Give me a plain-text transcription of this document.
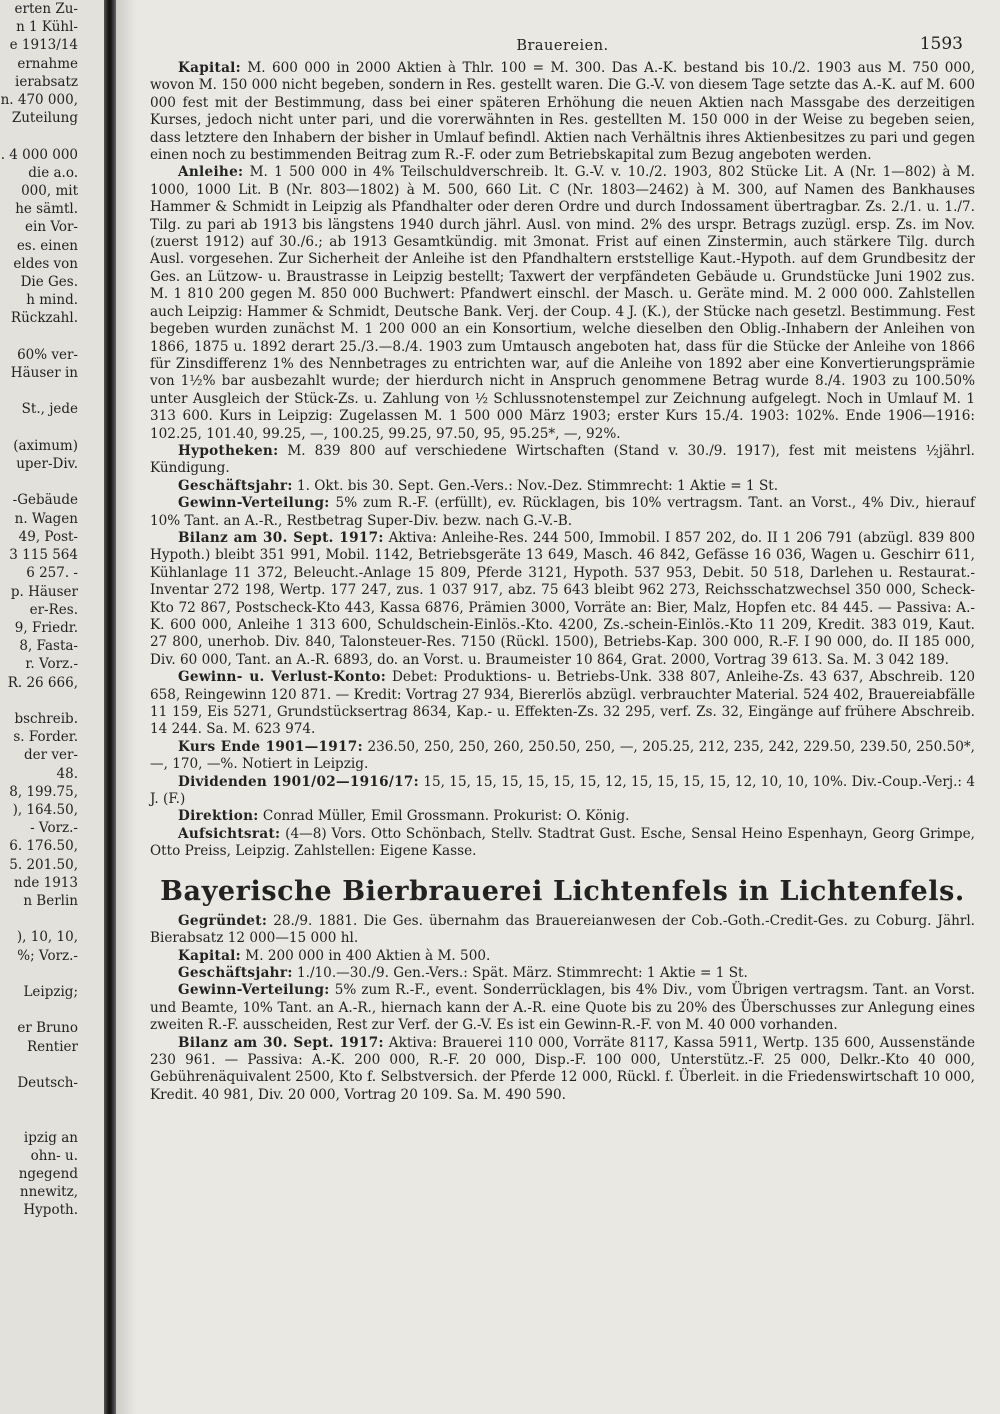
erten Zu-
n 1 Kühl-
e 1913/14
ernahme
ierabsatz
n. 470 000,
Zuteilung

. 4 000 000
die a.o.
000, mit
he sämtl.
ein Vor-
es. einen
eldes von
Die Ges.
h mind.
Rückzahl.

60% ver-
Häuser in

St., jede

(aximum)
uper-Div.

-Gebäude
n. Wagen
49, Post-
3 115 564
6 257. -
p. Häuser
er-Res.
9, Friedr.
8, Fasta-
r. Vorz.-
R. 26 666,

bschreib.
s. Forder.
der ver-
48.
8, 199.75,
), 164.50,
- Vorz.-
6. 176.50,
5. 201.50,
nde 1913
n Berlin

), 10, 10,
%; Vorz.-

Leipzig;

er Bruno
Rentier

Deutsch-

ipzig an
ohn- u.
ngegend
nnewitz,
Hypoth.
Brauereien.	1593

Kapital: M. 600 000 in 2000 Aktien à Thlr. 100 = M. 300. Das A.-K. bestand bis 10./2. 1903 aus M. 750 000, wovon M. 150 000 nicht begeben, sondern in Res. gestellt waren. Die G.-V. von diesem Tage setzte das A.-K. auf M. 600 000 fest mit der Bestimmung, dass bei einer späteren Erhöhung die neuen Aktien nach Massgabe des derzeitigen Kurses, jedoch nicht unter pari, und die vorerwähnten in Res. gestellten M. 150 000 in der Weise zu begeben seien, dass letztere den Inhabern der bisher in Umlauf befindl. Aktien nach Verhältnis ihres Aktienbesitzes zu pari und gegen einen noch zu bestimmenden Beitrag zum R.-F. oder zum Betriebskapital zum Bezug angeboten werden.

Anleihe: M. 1 500 000 in 4% Teilschuldverschreib. lt. G.-V. v. 10./2. 1903, 802 Stücke Lit. A (Nr. 1—802) à M. 1000, 1000 Lit. B (Nr. 803—1802) à M. 500, 660 Lit. C (Nr. 1803—2462) à M. 300, auf Namen des Bankhauses Hammer & Schmidt in Leipzig als Pfandhalter oder deren Ordre und durch Indossament übertragbar. Zs. 2./1. u. 1./7. Tilg. zu pari ab 1913 bis längstens 1940 durch jährl. Ausl. von mind. 2% des urspr. Betrags zuzügl. ersp. Zs. im Nov. (zuerst 1912) auf 30./6.; ab 1913 Gesamtkündig. mit 3monat. Frist auf einen Zinstermin, auch stärkere Tilg. durch Ausl. vorgesehen. Zur Sicherheit der Anleihe ist den Pfandhaltern erststellige Kaut.-Hypoth. auf dem Grundbesitz der Ges. an Lützow- u. Braustrasse in Leipzig bestellt; Taxwert der verpfändeten Gebäude u. Grundstücke Juni 1902 zus. M. 1 810 200 gegen M. 850 000 Buchwert: Pfandwert einschl. der Masch. u. Geräte mind. M. 2 000 000. Zahlstellen auch Leipzig: Hammer & Schmidt, Deutsche Bank. Verj. der Coup. 4 J. (K.), der Stücke nach gesetzl. Bestimmung. Fest begeben wurden zunächst M. 1 200 000 an ein Konsortium, welche dieselben den Oblig.-Inhabern der Anleihen von 1866, 1875 u. 1892 derart 25./3.—8./4. 1903 zum Umtausch angeboten hat, dass für die Stücke der Anleihe von 1866 für Zinsdifferenz 1% des Nennbetrages zu entrichten war, auf die Anleihe von 1892 aber eine Konvertierungsprämie von 1½% bar ausbezahlt wurde; der hierdurch nicht in Anspruch genommene Betrag wurde 8./4. 1903 zu 100.50% unter Ausgleich der Stück-Zs. u. Zahlung von ½ Schlussnotenstempel zur Zeichnung aufgelegt. Noch in Umlauf M. 1 313 600. Kurs in Leipzig: Zugelassen M. 1 500 000 März 1903; erster Kurs 15./4. 1903: 102%. Ende 1906—1916: 102.25, 101.40, 99.25, —, 100.25, 99.25, 97.50, 95, 95.25*, —, 92%.

Hypotheken: M. 839 800 auf verschiedene Wirtschaften (Stand v. 30./9. 1917), fest mit meistens ½jährl. Kündigung.

Geschäftsjahr: 1. Okt. bis 30. Sept. Gen.-Vers.: Nov.-Dez. Stimmrecht: 1 Aktie = 1 St.

Gewinn-Verteilung: 5% zum R.-F. (erfüllt), ev. Rücklagen, bis 10% vertragsm. Tant. an Vorst., 4% Div., hierauf 10% Tant. an A.-R., Restbetrag Super-Div. bezw. nach G.-V.-B.

Bilanz am 30. Sept. 1917: Aktiva: Anleihe-Res. 244 500, Immobil. I 857 202, do. II 1 206 791 (abzügl. 839 800 Hypoth.) bleibt 351 991, Mobil. 1142, Betriebsgeräte 13 649, Masch. 46 842, Gefässe 16 036, Wagen u. Geschirr 611, Kühlanlage 11 372, Beleucht.-Anlage 15 809, Pferde 3121, Hypoth. 537 953, Debit. 50 518, Darlehen u. Restaurat.-Inventar 272 198, Wertp. 177 247, zus. 1 037 917, abz. 75 643 bleibt 962 273, Reichsschatzwechsel 350 000, Scheck-Kto 72 867, Postscheck-Kto 443, Kassa 6876, Prämien 3000, Vorräte an: Bier, Malz, Hopfen etc. 84 445. — Passiva: A.-K. 600 000, Anleihe 1 313 600, Schuldschein-Einlös.-Kto. 4200, Zs.-schein-Einlös.-Kto 11 209, Kredit. 383 019, Kaut. 27 800, unerhob. Div. 840, Talonsteuer-Res. 7150 (Rückl. 1500), Betriebs-Kap. 300 000, R.-F. I 90 000, do. II 185 000, Div. 60 000, Tant. an A.-R. 6893, do. an Vorst. u. Braumeister 10 864, Grat. 2000, Vortrag 39 613. Sa. M. 3 042 189.

Gewinn- u. Verlust-Konto: Debet: Produktions- u. Betriebs-Unk. 338 807, Anleihe-Zs. 43 637, Abschreib. 120 658, Reingewinn 120 871. — Kredit: Vortrag 27 934, Biererlös abzügl. verbrauchter Material. 524 402, Brauereiabfälle 11 159, Eis 5271, Grundstücksertrag 8634, Kap.- u. Effekten-Zs. 32 295, verf. Zs. 32, Eingänge auf frühere Abschreib. 14 244. Sa. M. 623 974.

Kurs Ende 1901—1917: 236.50, 250, 250, 260, 250.50, 250, —, 205.25, 212, 235, 242, 229.50, 239.50, 250.50*, —, 170, —%. Notiert in Leipzig.

Dividenden 1901/02—1916/17: 15, 15, 15, 15, 15, 15, 15, 12, 15, 15, 15, 15, 12, 10, 10, 10%. Div.-Coup.-Verj.: 4 J. (F.)

Direktion: Conrad Müller, Emil Grossmann. Prokurist: O. König.

Aufsichtsrat: (4—8) Vors. Otto Schönbach, Stellv. Stadtrat Gust. Esche, Sensal Heino Espenhayn, Georg Grimpe, Otto Preiss, Leipzig. Zahlstellen: Eigene Kasse.

Bayerische Bierbrauerei Lichtenfels in Lichtenfels.

Gegründet: 28./9. 1881. Die Ges. übernahm das Brauereianwesen der Cob.-Goth.-Credit-Ges. zu Coburg. Jährl. Bierabsatz 12 000—15 000 hl.

Kapital: M. 200 000 in 400 Aktien à M. 500.

Geschäftsjahr: 1./10.—30./9. Gen.-Vers.: Spät. März. Stimmrecht: 1 Aktie = 1 St.

Gewinn-Verteilung: 5% zum R.-F., event. Sonderrücklagen, bis 4% Div., vom Übrigen vertragsm. Tant. an Vorst. und Beamte, 10% Tant. an A.-R., hiernach kann der A.-R. eine Quote bis zu 20% des Überschusses zur Anlegung eines zweiten R.-F. ausscheiden, Rest zur Verf. der G.-V. Es ist ein Gewinn-R.-F. von M. 40 000 vorhanden.

Bilanz am 30. Sept. 1917: Aktiva: Brauerei 110 000, Vorräte 8117, Kassa 5911, Wertp. 135 600, Aussenstände 230 961. — Passiva: A.-K. 200 000, R.-F. 20 000, Disp.-F. 100 000, Unterstütz.-F. 25 000, Delkr.-Kto 40 000, Gebührenäquivalent 2500, Kto f. Selbstversich. der Pferde 12 000, Rückl. f. Überleit. in die Friedenswirtschaft 10 000, Kredit. 40 981, Div. 20 000, Vortrag 20 109. Sa. M. 490 590.
